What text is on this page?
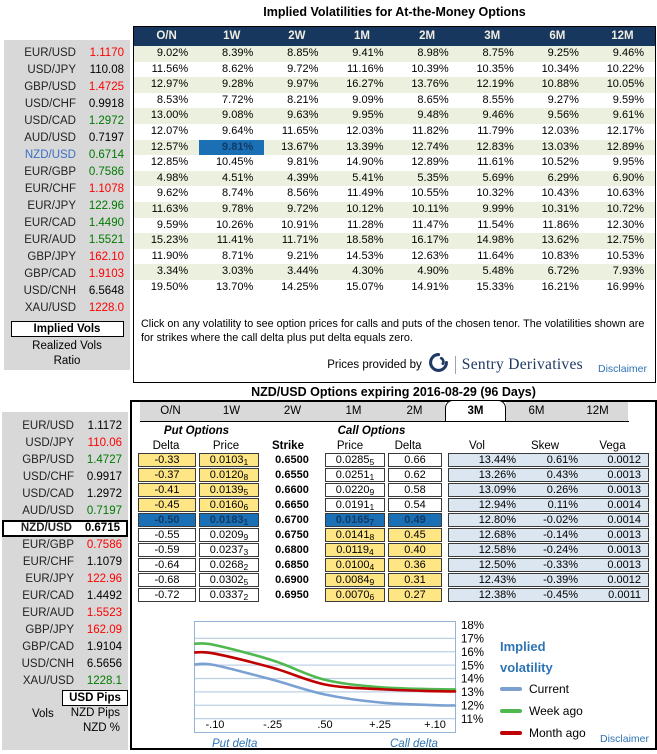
Implied Volatilities for At-the-Money Options
EUR/USD	1.1170
USD/JPY	110.08
GBP/USD	1.4725
USD/CHF	0.9918
USD/CAD	1.2972
AUD/USD	0.7197
NZD/USD	0.6714
EUR/GBP	0.7586
EUR/CHF	1.1078
EUR/JPY	122.96
EUR/CAD	1.4490
EUR/AUD	1.5521
GBP/JPY	162.10
GBP/CAD	1.9103
USD/CNH	6.5648
XAU/USD	1228.0
Implied Vols
Realized Vols
Ratio
O/N	1W	2W	1M	2M	3M	6M	12M
9.02%	8.39%	8.85%	9.41%	8.98%	8.75%	9.25%	9.46%
11.56%	8.62%	9.72%	11.16%	10.39%	10.35%	10.34%	10.22%
12.97%	9.28%	9.97%	16.27%	13.76%	12.19%	10.88%	10.05%
8.53%	7.72%	8.21%	9.09%	8.65%	8.55%	9.27%	9.59%
13.00%	9.08%	9.63%	9.95%	9.48%	9.46%	9.56%	9.61%
12.07%	9.64%	11.65%	12.03%	11.82%	11.79%	12.03%	12.17%
12.57%	9.81%	13.67%	13.39%	12.74%	12.83%	13.03%	12.89%
12.85%	10.45%	9.81%	14.90%	12.89%	11.61%	10.52%	9.95%
4.98%	4.51%	4.39%	5.41%	5.35%	5.69%	6.29%	6.90%
9.62%	8.74%	8.56%	11.49%	10.55%	10.32%	10.43%	10.63%
11.63%	9.78%	9.72%	10.12%	10.11%	9.99%	10.31%	10.72%
9.59%	10.26%	10.91%	11.28%	11.47%	11.54%	11.86%	12.30%
15.23%	11.41%	11.71%	18.58%	16.17%	14.98%	13.62%	12.75%
11.90%	8.71%	9.21%	14.53%	12.63%	11.64%	10.83%	10.53%
3.34%	3.03%	3.44%	4.30%	4.90%	5.48%	6.72%	7.93%
19.50%	13.70%	14.25%	15.07%	14.91%	15.33%	16.21%	16.99%
Click on any volatility to see option prices for calls and puts of the chosen tenor. The volatilities shown are for strikes where the call delta plus put delta equals zero.
Prices provided by	Sentry Derivatives Disclaimer
NZD/USD Options expiring 2016-08-29 (96 Days)
EUR/USD	1.1172
USD/JPY	110.06
GBP/USD	1.4727
USD/CHF	0.9917
USD/CAD	1.2972
AUD/USD	0.7197
NZD/USD	0.6715
EUR/GBP	0.7586
EUR/CHF	1.1079
EUR/JPY	122.96
EUR/CAD	1.4492
EUR/AUD	1.5523
GBP/JPY	162.09
GBP/CAD	1.9104
USD/CNH	6.5656
XAU/USD	1228.1
USD Pips
Vols NZD Pips
NZD %
O/N	1W	2W	1M	2M	3M	6M	12M
Put Options	Call Options
Delta	Price	Strike	Price	Delta	Vol	Skew	Vega
-0.33	$0.0103_1$	0.6500	$0.0285_5$	0.66	13.44%	0.61%	0.0012
-0.37	$0.0120_8$	0.6550	$0.0251_1$	0.62	13.26%	0.43%	0.0013
-0.41	$0.0139_5$	0.6600	$0.0220_9$	0.58	13.09%	0.26%	0.0013
-0.45	$0.0160_6$	0.6650	$0.0191_1$	0.54	12.94%	0.11%	0.0014
-0.50	$0.0183_1$	0.6700	$0.0165_7$	0.49	12.80%	-0.02%	0.0014
-0.55	$0.0209_9$	0.6750	$0.0141_8$	0.45	12.68%	-0.14%	0.0013
-0.59	$0.0237_3$	0.6800	$0.0119_4$	0.40	12.58%	-0.24%	0.0013
-0.64	$0.0268_2$	0.6850	$0.0100_4$	0.36	12.50%	-0.33%	0.0013
-0.68	$0.0302_5$	0.6900	$0.0084_9$	0.31	12.43%	-0.39%	0.0012
-0.72	$0.0337_2$	0.6950	$0.0070_6$	0.27	12.38%	-0.45%	0.0011
18%
17%
16%
15%
14%
13%
12%
11%
-.10	-.25	.50	+.25	+.10
Put delta	Call delta
Implied
volatility
Current
Week ago
Month ago Disclaimer
